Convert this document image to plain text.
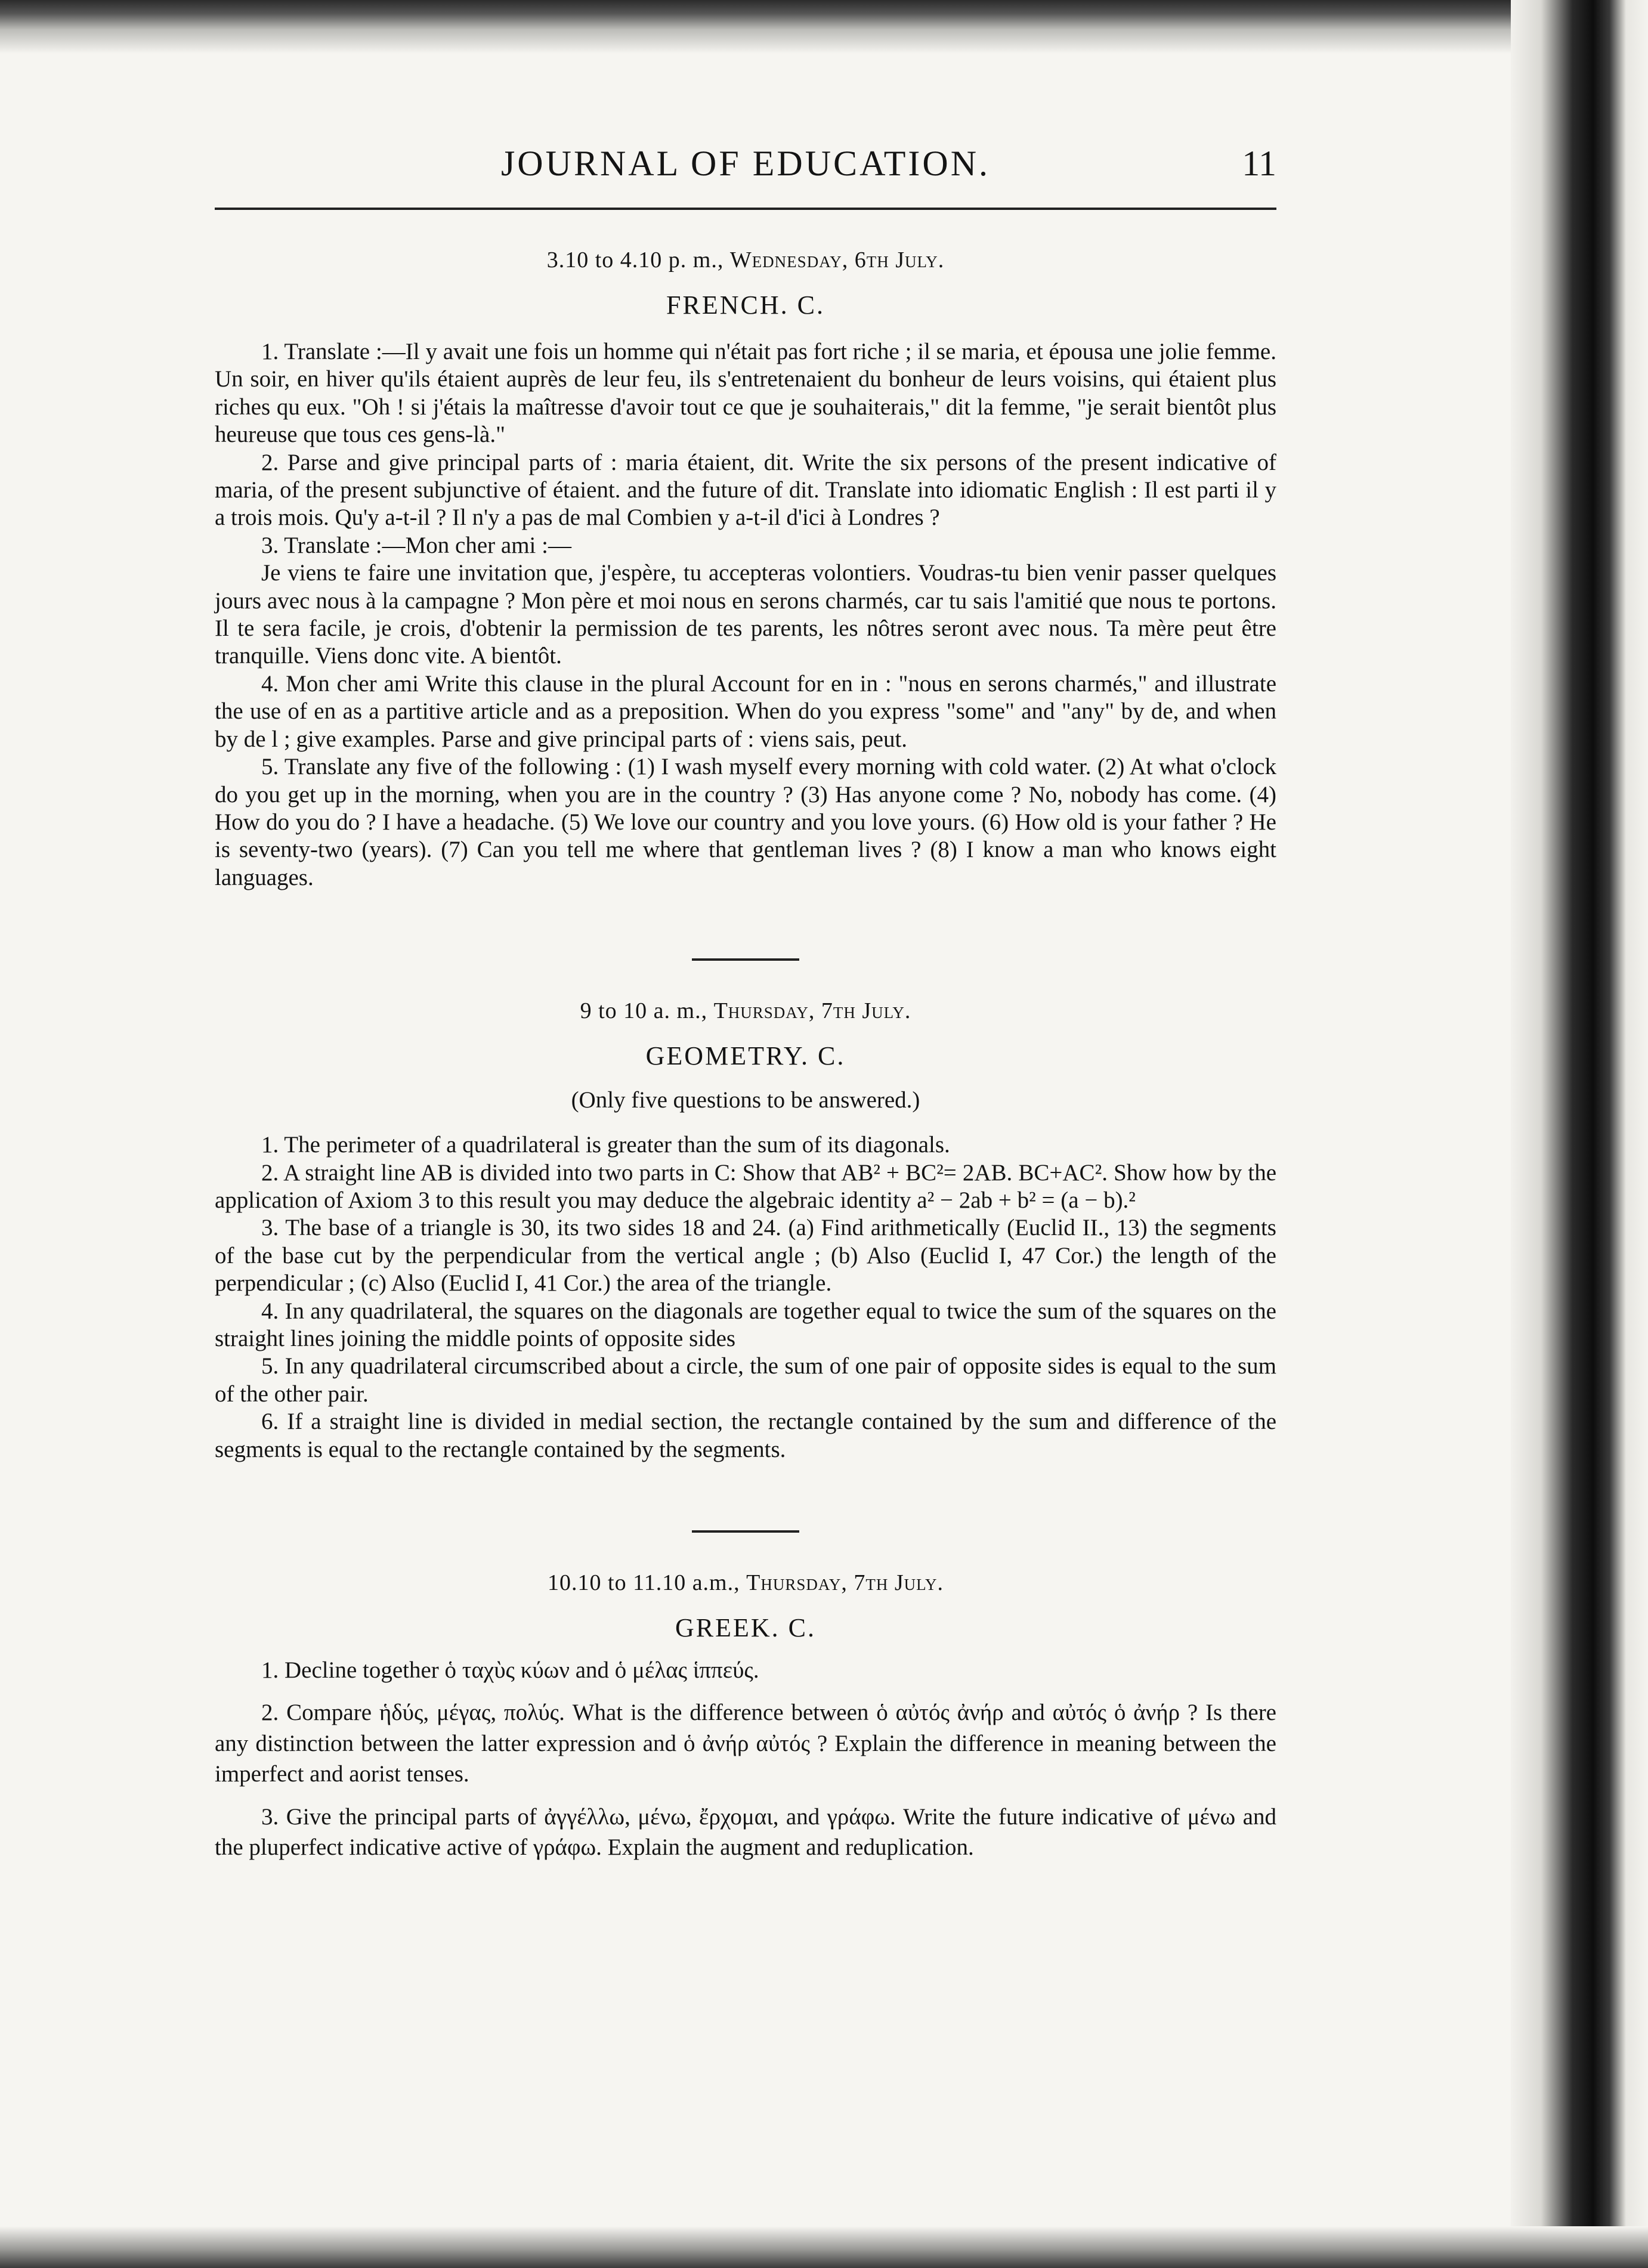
JOURNAL OF EDUCATION.	11
3.10 to 4.10 p. m., Wednesday, 6th July.
FRENCH. C.

1. Translate :—Il y avait une fois un homme qui n'était pas fort riche ; il se maria, et épousa une jolie femme. Un soir, en hiver qu'ils étaient auprès de leur feu, ils s'entretenaient du bonheur de leurs voisins, qui étaient plus riches qu eux. "Oh ! si j'étais la maîtresse d'avoir tout ce que je souhaiterais," dit la femme, "je serait bientôt plus heureuse que tous ces gens-là."

2. Parse and give principal parts of : maria étaient, dit. Write the six persons of the present indicative of maria, of the present subjunctive of étaient. and the future of dit. Translate into idiomatic English : Il est parti il y a trois mois. Qu'y a-t-il ? Il n'y a pas de mal Combien y a-t-il d'ici à Londres ?

3. Translate :—Mon cher ami :—

Je viens te faire une invitation que, j'espère, tu accepteras volontiers. Voudras-tu bien venir passer quelques jours avec nous à la campagne ? Mon père et moi nous en serons charmés, car tu sais l'amitié que nous te portons. Il te sera facile, je crois, d'obtenir la permission de tes parents, les nôtres seront avec nous. Ta mère peut être tranquille. Viens donc vite. A bientôt.

4. Mon cher ami Write this clause in the plural Account for en in : "nous en serons charmés," and illustrate the use of en as a partitive article and as a preposition. When do you express "some" and "any" by de, and when by de l ; give examples. Parse and give principal parts of : viens sais, peut.

5. Translate any five of the following : (1) I wash myself every morning with cold water. (2) At what o'clock do you get up in the morning, when you are in the country ? (3) Has anyone come ? No, nobody has come. (4) How do you do ? I have a headache. (5) We love our country and you love yours. (6) How old is your father ? He is seventy-two (years). (7) Can you tell me where that gentleman lives ? (8) I know a man who knows eight languages.

9 to 10 a. m., Thursday, 7th July.
GEOMETRY. C.
(Only five questions to be answered.)

1. The perimeter of a quadrilateral is greater than the sum of its diagonals.

2. A straight line AB is divided into two parts in C: Show that AB² + BC²= 2AB. BC+AC². Show how by the application of Axiom 3 to this result you may deduce the algebraic identity a² − 2ab + b² = (a − b).²

3. The base of a triangle is 30, its two sides 18 and 24. (a) Find arithmetically (Euclid II., 13) the segments of the base cut by the perpendicular from the vertical angle ; (b) Also (Euclid I, 47 Cor.) the length of the perpendicular ; (c) Also (Euclid I, 41 Cor.) the area of the triangle.

4. In any quadrilateral, the squares on the diagonals are together equal to twice the sum of the squares on the straight lines joining the middle points of opposite sides

5. In any quadrilateral circumscribed about a circle, the sum of one pair of opposite sides is equal to the sum of the other pair.

6. If a straight line is divided in medial section, the rectangle contained by the sum and difference of the segments is equal to the rectangle contained by the segments.

10.10 to 11.10 a.m., Thursday, 7th July.
GREEK. C.

1. Decline together ὁ ταχὺς κύων and ὁ μέλας ἱππεύς.

2. Compare ἡδύς, μέγας, πολύς. What is the difference between ὁ αὐτός ἀνήρ and αὐτός ὁ ἀνήρ ? Is there any distinction between the latter expression and ὁ ἀνήρ αὐτός ? Explain the difference in meaning between the imperfect and aorist tenses.

3. Give the principal parts of ἀγγέλλω, μένω, ἔρχομαι, and γράφω. Write the future indicative of μένω and the pluperfect indicative active of γράφω. Explain the augment and reduplication.
